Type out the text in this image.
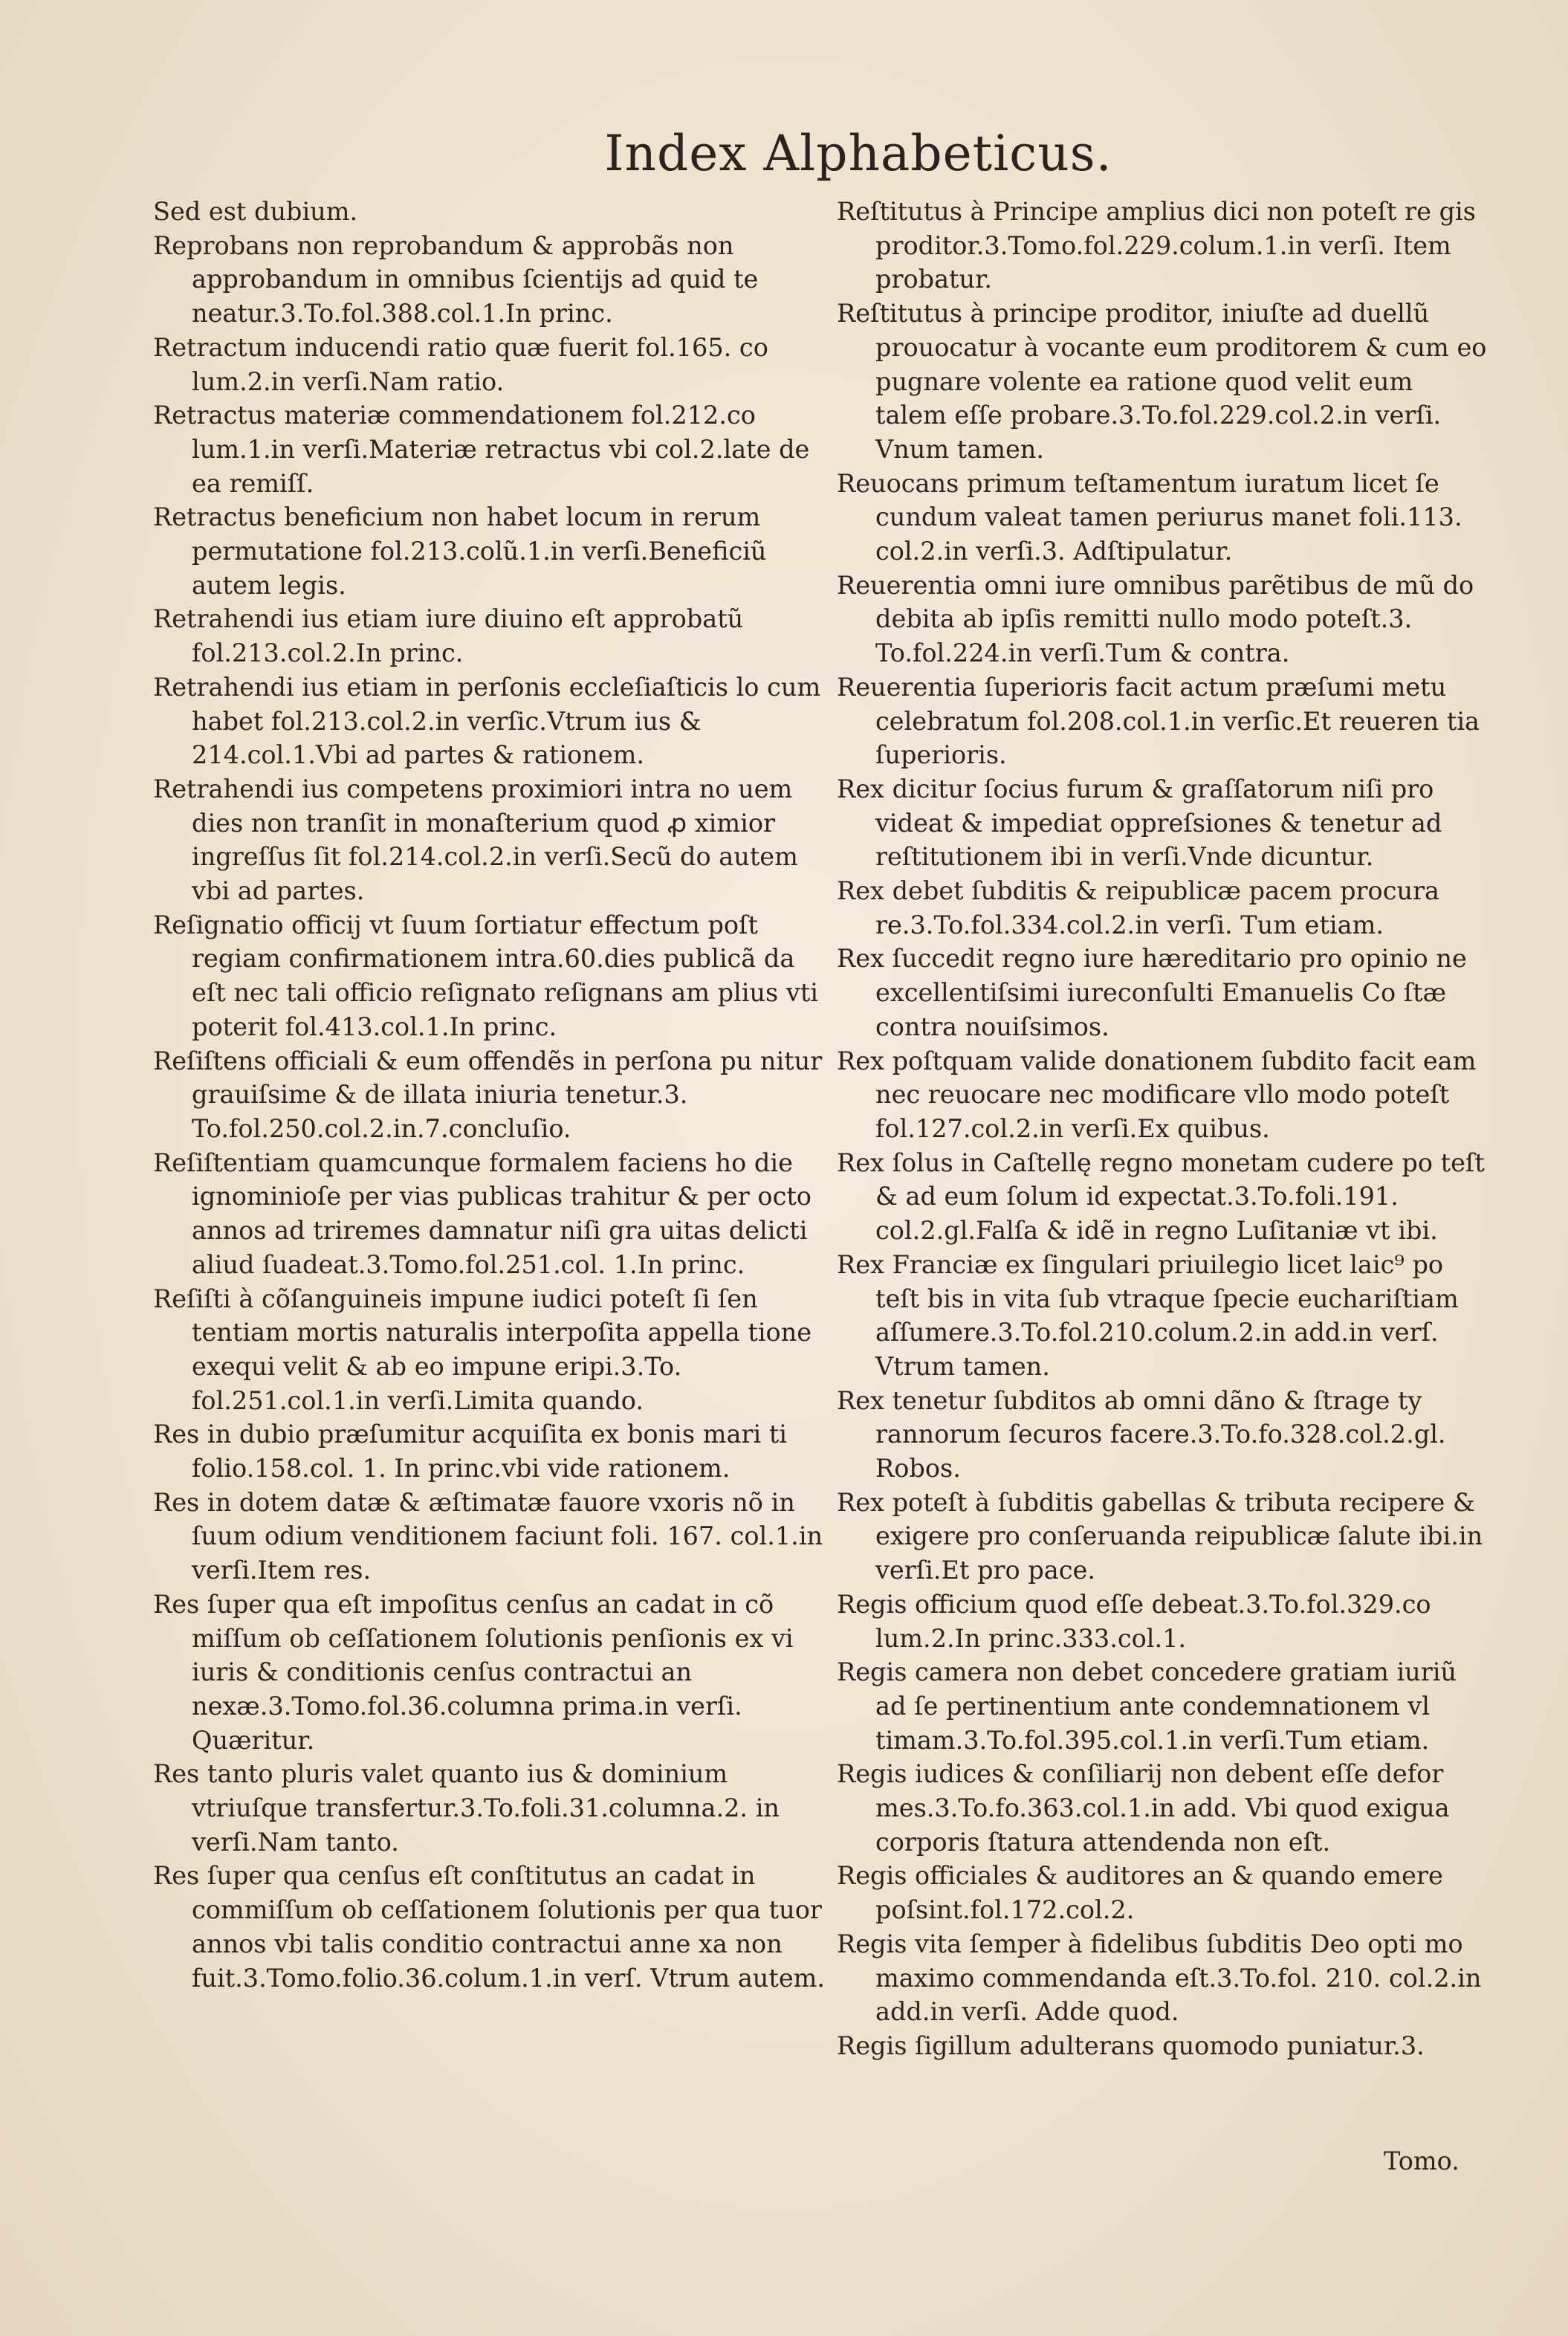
Index Alphabeticus.

Sed est dubium.

Reprobans non reprobandum & approbãs non approbandum in omnibus ſcientijs ad quid te neatur.3.To.fol.388.col.1.In princ.

Retractum inducendi ratio quæ fuerit fol.165. co lum.2.in verſi.Nam ratio.

Retractus materiæ commendationem fol.212.co lum.1.in verſi.Materiæ retractus vbi col.2.late de ea remiſſ.

Retractus beneficium non habet locum in rerum permutatione fol.213.colũ.1.in verſi.Beneficiũ autem legis.

Retrahendi ius etiam iure diuino eſt approbatũ fol.213.col.2.In princ.

Retrahendi ius etiam in perſonis eccleſiaſticis lo cum habet fol.213.col.2.in verſic.Vtrum ius & 214.col.1.Vbi ad partes & rationem.

Retrahendi ius competens proximiori intra no uem dies non tranſit in monaſterium quod ꝓ ximior ingreſſus ſit fol.214.col.2.in verſi.Secũ do autem vbi ad partes.

Reſignatio officij vt ſuum ſortiatur effectum poſt regiam confirmationem intra.60.dies publicã da eſt nec tali officio reſignato reſignans am plius vti poterit fol.413.col.1.In princ.

Reſiſtens officiali & eum offendẽs in perſona pu nitur grauiſsime & de illata iniuria tenetur.3. To.fol.250.col.2.in.7.concluſio.

Reſiſtentiam quamcunque formalem faciens ho die ignominioſe per vias publicas trahitur & per octo annos ad triremes damnatur niſi gra uitas delicti aliud ſuadeat.3.Tomo.fol.251.col. 1.In princ.

Reſiſti à cõſanguineis impune iudici poteſt ſi ſen tentiam mortis naturalis interpoſita appella tione exequi velit & ab eo impune eripi.3.To. fol.251.col.1.in verſi.Limita quando.

Res in dubio præſumitur acquiſita ex bonis mari ti folio.158.col. 1. In princ.vbi vide rationem.

Res in dotem datæ & æſtimatæ fauore vxoris nõ in ſuum odium venditionem faciunt foli. 167. col.1.in verſi.Item res.

Res ſuper qua eſt impoſitus cenſus an cadat in cõ miſſum ob ceſſationem ſolutionis penſionis ex vi iuris & conditionis cenſus contractui an nexæ.3.Tomo.fol.36.columna prima.in verſi. Quæritur.

Res tanto pluris valet quanto ius & dominium vtriuſque transfertur.3.To.foli.31.columna.2. in verſi.Nam tanto.

Res ſuper qua cenſus eſt conſtitutus an cadat in commiſſum ob ceſſationem ſolutionis per qua tuor annos vbi talis conditio contractui anne xa non fuit.3.Tomo.folio.36.colum.1.in verſ. Vtrum autem.

Reſtitutus à Principe amplius dici non poteſt re gis proditor.3.Tomo.fol.229.colum.1.in verſi. Item probatur.

Reſtitutus à principe proditor, iniuſte ad duellũ prouocatur à vocante eum proditorem & cum eo pugnare volente ea ratione quod velit eum talem eſſe probare.3.To.fol.229.col.2.in verſi. Vnum tamen.

Reuocans primum teſtamentum iuratum licet ſe cundum valeat tamen periurus manet foli.113. col.2.in verſi.3. Adſtipulatur.

Reuerentia omni iure omnibus parẽtibus de mũ do debita ab ipſis remitti nullo modo poteſt.3. To.fol.224.in verſi.Tum & contra.

Reuerentia ſuperioris facit actum præſumi metu celebratum fol.208.col.1.in verſic.Et reueren tia ſuperioris.

Rex dicitur ſocius furum & graſſatorum niſi pro videat & impediat oppreſsiones & tenetur ad reſtitutionem ibi in verſi.Vnde dicuntur.

Rex debet ſubditis & reipublicæ pacem procura re.3.To.fol.334.col.2.in verſi. Tum etiam.

Rex ſuccedit regno iure hæreditario pro opinio ne excellentiſsimi iureconſulti Emanuelis Co ſtæ contra nouiſsimos.

Rex poſtquam valide donationem ſubdito facit eam nec reuocare nec modificare vllo modo poteſt fol.127.col.2.in verſi.Ex quibus.

Rex ſolus in Caſtellę regno monetam cudere po teſt & ad eum ſolum id expectat.3.To.foli.191. col.2.gl.Falſa & idẽ in regno Luſitaniæ vt ibi.

Rex Franciæ ex ſingulari priuilegio licet laic⁹ po teſt bis in vita ſub vtraque ſpecie euchariſtiam aſſumere.3.To.fol.210.colum.2.in add.in verſ. Vtrum tamen.

Rex tenetur ſubditos ab omni dãno & ſtrage ty rannorum ſecuros facere.3.To.fo.328.col.2.gl. Robos.

Rex poteſt à ſubditis gabellas & tributa recipere & exigere pro conſeruanda reipublicæ ſalute ibi.in verſi.Et pro pace.

Regis officium quod eſſe debeat.3.To.fol.329.co lum.2.In princ.333.col.1.

Regis camera non debet concedere gratiam iuriũ ad ſe pertinentium ante condemnationem vl timam.3.To.fol.395.col.1.in verſi.Tum etiam.

Regis iudices & conſiliarij non debent eſſe defor mes.3.To.fo.363.col.1.in add. Vbi quod exigua corporis ſtatura attendenda non eſt.

Regis officiales & auditores an & quando emere poſsint.fol.172.col.2.

Regis vita ſemper à fidelibus ſubditis Deo opti mo maximo commendanda eſt.3.To.fol. 210. col.2.in add.in verſi. Adde quod.

Regis ſigillum adulterans quomodo puniatur.3.

Tomo.
